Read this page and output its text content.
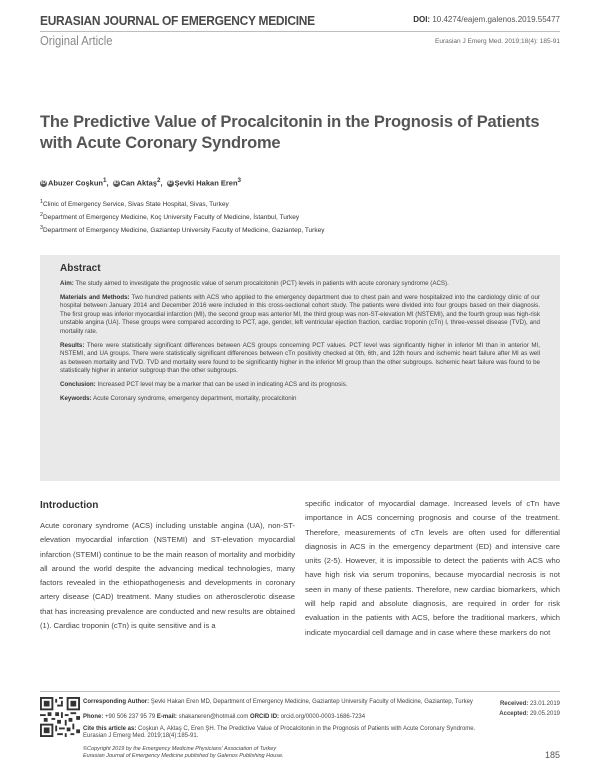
EURASIAN JOURNAL OF EMERGENCY MEDICINE
Original Article
DOI: 10.4274/eajem.galenos.2019.55477
Eurasian J Emerg Med. 2019;18(4): 185-91
The Predictive Value of Procalcitonin in the Prognosis of Patients with Acute Coronary Syndrome
iD Abuzer Coşkun$^1$, iD Can Aktaş$^2$, iD Şevki Hakan Eren$^3$
$^1$Clinic of Emergency Service, Sivas State Hospital, Sivas, Turkey
$^2$Department of Emergency Medicine, Koç University Faculty of Medicine, İstanbul, Turkey
$^3$Department of Emergency Medicine, Gaziantep University Faculty of Medicine, Gaziantep, Turkey
Abstract

Aim: The study aimed to investigate the prognostic value of serum procalcitonin (PCT) levels in patients with acute coronary syndrome (ACS).

Materials and Methods: Two hundred patients with ACS who applied to the emergency department due to chest pain and were hospitalized into the cardiology clinic of our hospital between January 2014 and December 2016 were included in this cross-sectional cohort study. The patients were divided into four groups based on their diagnosis. The first group was inferior myocardial infarction (MI), the second group was anterior MI, the third group was non-ST-elevation MI (NSTEMI), and the fourth group was high-risk unstable angina (UA). These groups were compared according to PCT, age, gender, left ventricular ejection fraction, cardiac troponin (cTn) I, three-vessel disease (TVD), and mortality rate.

Results: There were statistically significant differences between ACS groups concerning PCT values. PCT level was significantly higher in inferior MI than in anterior MI, NSTEMI, and UA groups. There were statistically significant differences between cTn positivity checked at 0th, 6th, and 12th hours and ischemic heart failure after MI as well as between mortality and TVD. TVD and mortality were found to be significantly higher in the inferior MI group than the other subgroups. Ischemic heart failure was found to be statistically higher in anterior subgroup than the other subgroups.

Conclusion: Increased PCT level may be a marker that can be used in indicating ACS and its prognosis.

Keywords: Acute Coronary syndrome, emergency department, mortality, procalcitonin

Introduction
Acute coronary syndrome (ACS) including unstable angina (UA), non-ST-elevation myocardial infarction (NSTEMI) and ST-elevation myocardial infarction (STEMI) continue to be the main reason of mortality and morbidity all around the world despite the advancing medical technologies, many factors revealed in the ethiopathogenesis and developments in coronary artery disease (CAD) treatment. Many studies on atherosclerotic disease that has increasing prevalence are conducted and new results are obtained (1). Cardiac troponin (cTn) is quite sensitive and is a
specific indicator of myocardial damage. Increased levels of cTn have importance in ACS concerning prognosis and course of the treatment. Therefore, measurements of cTn levels are often used for differential diagnosis in ACS in the emergency department (ED) and intensive care units (2-5). However, it is impossible to detect the patients with ACS who have high risk via serum troponins, because myocardial necrosis is not seen in many of these patients. Therefore, new cardiac biomarkers, which will help rapid and absolute diagnosis, are required in order for risk evaluation in the patients with ACS, before the traditional markers, which indicate myocardial cell damage and in case where these markers do not
Corresponding Author: Şevki Hakan Eren MD, Department of Emergency Medicine, Gaziantep University Faculty of Medicine, Gaziantep, Turkey
Phone: +90 506 237 95 79 E-mail: shakaneren@hotmail.com ORCID ID: orcid.org/0000-0003-1686-7234
Cite this article as: Coşkun A, Aktaş C, Eren ŞH. The Predictive Value of Procalcitonin in the Prognosis of Patients with Acute Coronary Syndrome. Eurasian J Emerg Med. 2019;18(4):185-91.
©Copyright 2019 by the Emergency Medicine Physicians' Association of Turkey
Eurasian Journal of Emergency Medicine published by Galenos Publishing House.
Received: 23.01.2019
Accepted: 29.05.2019
185
